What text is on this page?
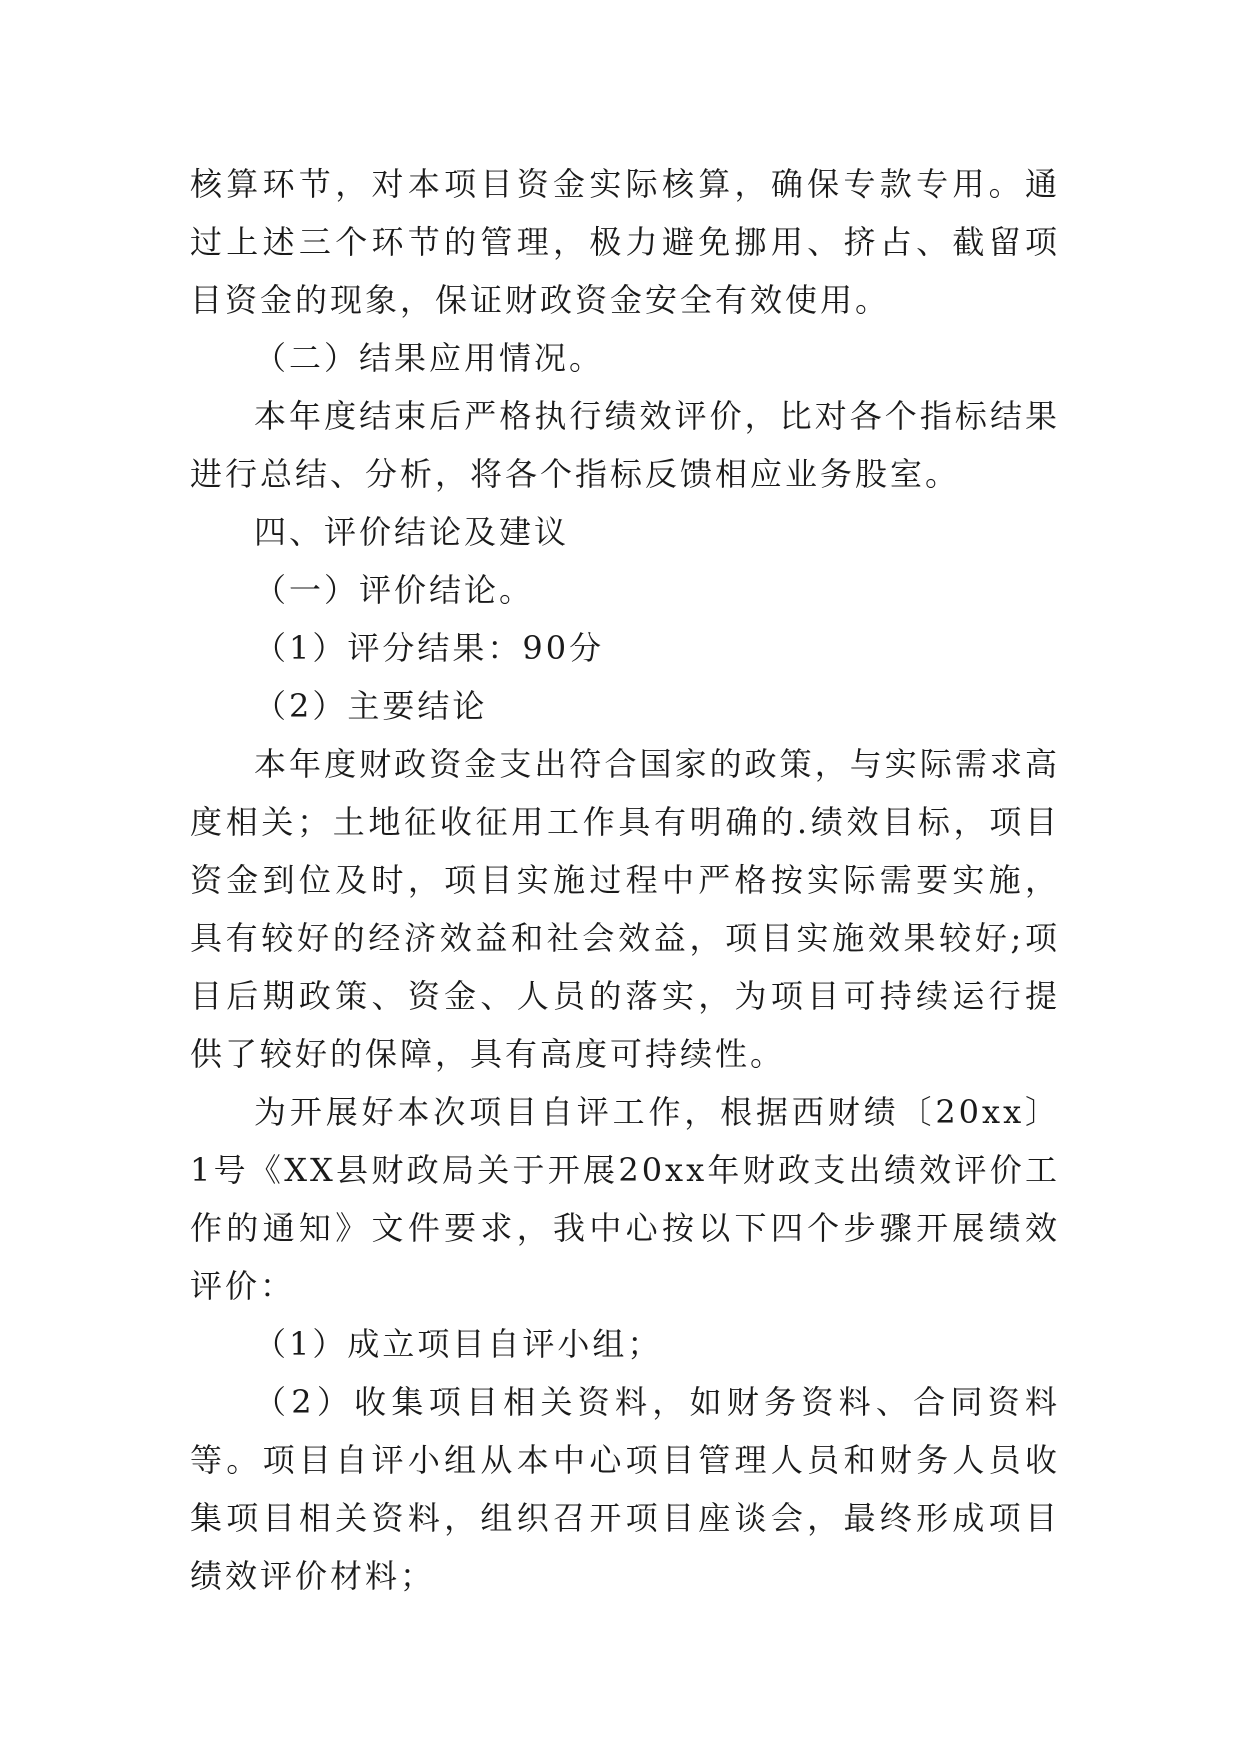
核算环节，对本项目资金实际核算，确保专款专用。通过上述三个环节的管理，极力避免挪用、挤占、截留项目资金的现象，保证财政资金安全有效使用。

（二）结果应用情况。

本年度结束后严格执行绩效评价，比对各个指标结果进行总结、分析，将各个指标反馈相应业务股室。

四、评价结论及建议

（一）评价结论。

（1）评分结果：90分

（2）主要结论

本年度财政资金支出符合国家的政策，与实际需求高度相关；土地征收征用工作具有明确的.绩效目标，项目资金到位及时，项目实施过程中严格按实际需要实施，具有较好的经济效益和社会效益，项目实施效果较好;项目后期政策、资金、人员的落实，为项目可持续运行提供了较好的保障，具有高度可持续性。

为开展好本次项目自评工作，根据西财绩〔20xx〕1号《XX县财政局关于开展20xx年财政支出绩效评价工作的通知》文件要求，我中心按以下四个步骤开展绩效评价：

（1）成立项目自评小组；

（2）收集项目相关资料，如财务资料、合同资料等。项目自评小组从本中心项目管理人员和财务人员收集项目相关资料，组织召开项目座谈会，最终形成项目绩效评价材料；
